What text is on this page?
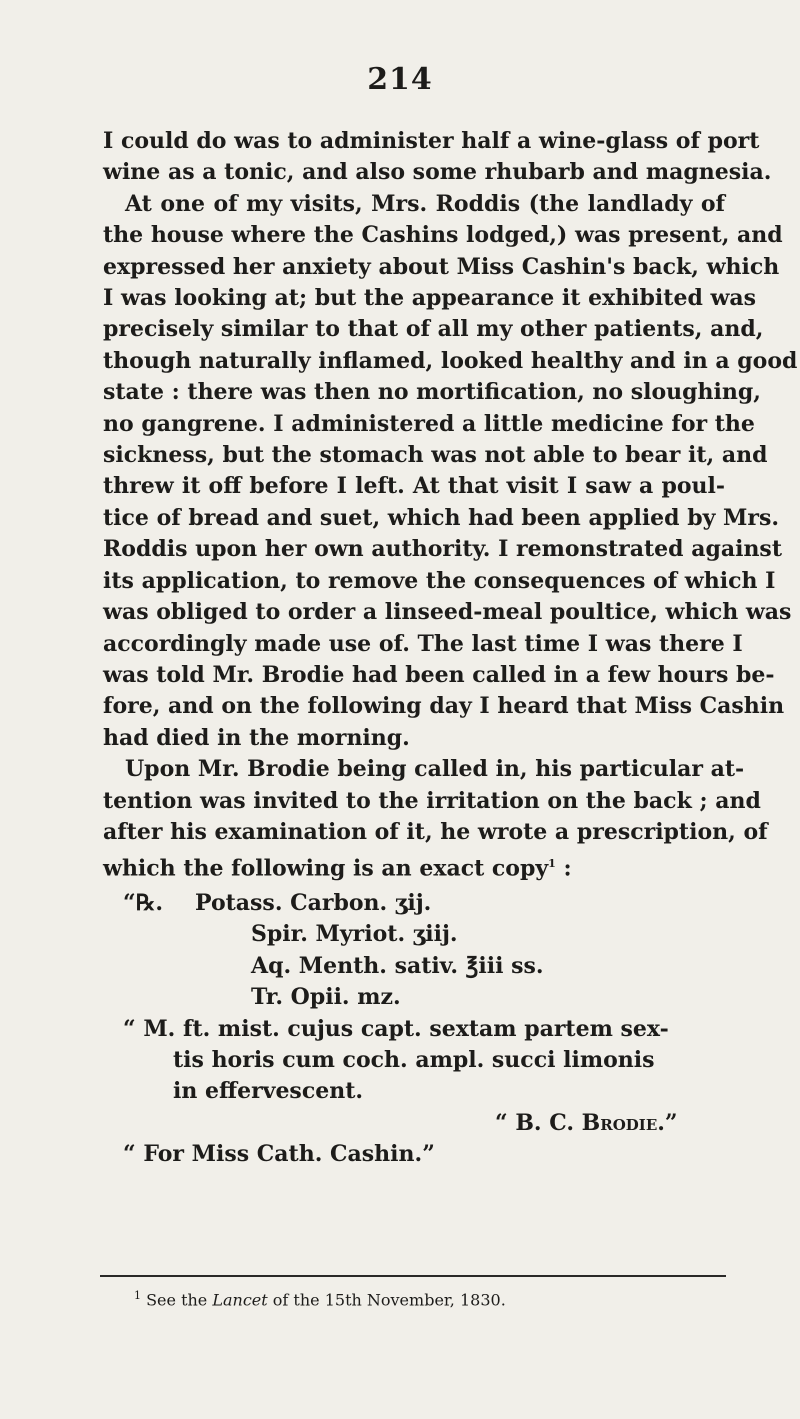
214
I could do was to administer half a wine-glass of port
wine as a tonic, and also some rhubarb and magnesia.
At one of my visits, Mrs. Roddis (the landlady of
the house where the Cashins lodged,) was present, and
expressed her anxiety about Miss Cashin's back, which
I was looking at; but the appearance it exhibited was
precisely similar to that of all my other patients, and,
though naturally inflamed, looked healthy and in a good
state : there was then no mortification, no sloughing,
no gangrene. I administered a little medicine for the
sickness, but the stomach was not able to bear it, and
threw it off before I left. At that visit I saw a poul-
tice of bread and suet, which had been applied by Mrs.
Roddis upon her own authority. I remonstrated against
its application, to remove the consequences of which I
was obliged to order a linseed-meal poultice, which was
accordingly made use of. The last time I was there I
was told Mr. Brodie had been called in a few hours be-
fore, and on the following day I heard that Miss Cashin
had died in the morning.
Upon Mr. Brodie being called in, his particular at-
tention was invited to the irritation on the back ; and
after his examination of it, he wrote a prescription, of
which the following is an exact copy$^1$ :
“℞. Potass. Carbon. ʒij.
Spir. Myriot. ʒiij.
Aq. Menth. sativ. ℥iii ss.
Tr. Opii. mz.
“ M. ft. mist. cujus capt. sextam partem sex-
tis horis cum coch. ampl. succi limonis
in effervescent.
“ B. C. Brodie.”
“ For Miss Cath. Cashin.”
$^1$ See the Lancet of the 15th November, 1830.
